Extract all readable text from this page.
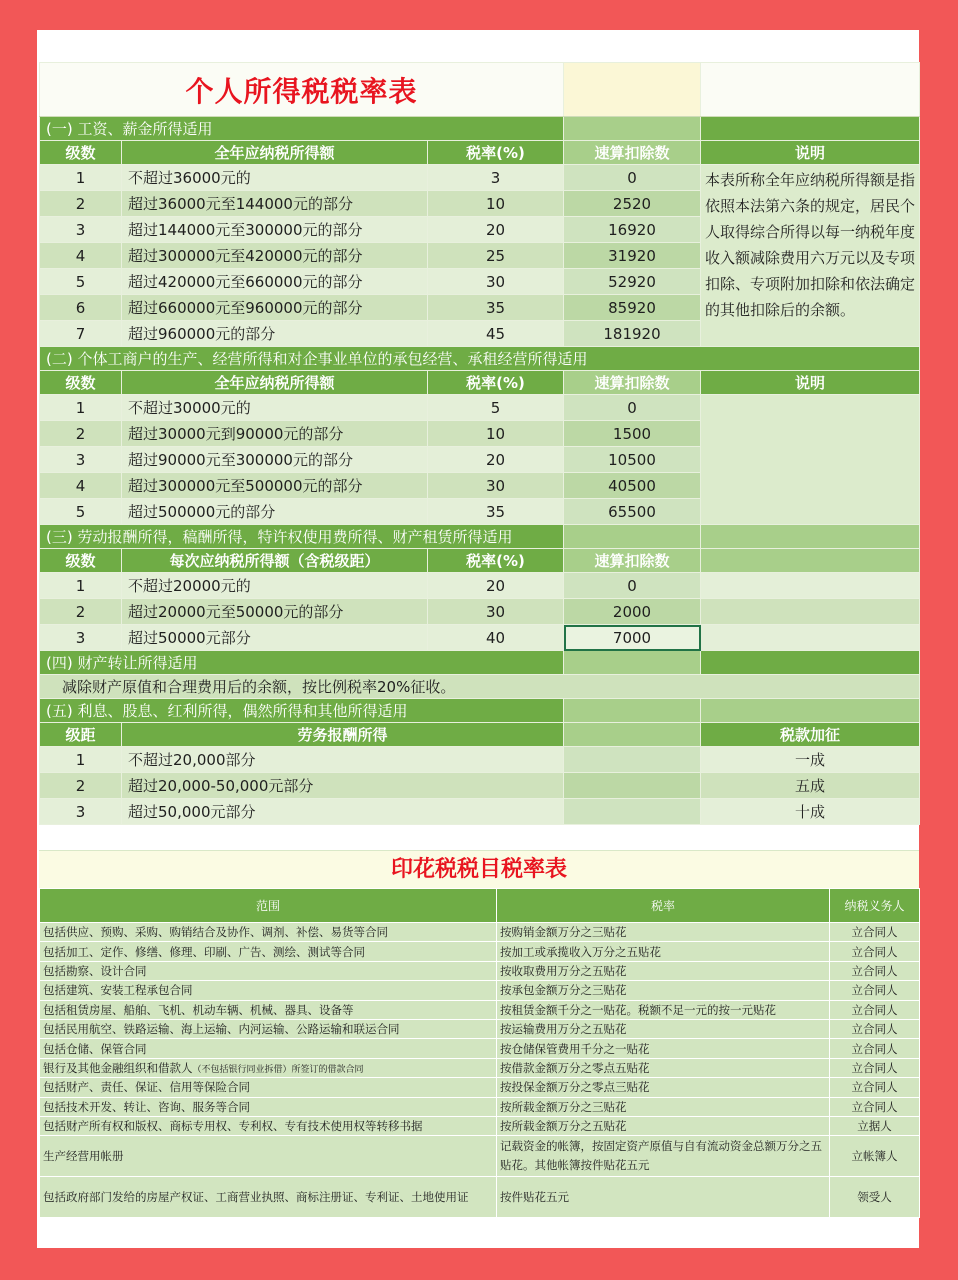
个人所得税税率表				
(一) 工资、薪金所得适用				
级数	全年应纳税所得额	税率(%)	速算扣除数	说明
1	不超过36000元的	3	0	本表所称全年应纳税所得额是指依照本法第六条的规定，居民个人取得综合所得以每一纳税年度收入额减除费用六万元以及专项扣除、专项附加扣除和依法确定的其他扣除后的余额。
2	超过36000元至144000元的部分	10	2520	
3	超过144000元至300000元的部分	20	16920	
4	超过300000元至420000元的部分	25	31920	
5	超过420000元至660000元的部分	30	52920	
6	超过660000元至960000元的部分	35	85920	
7	超过960000元的部分	45	181920	
(二) 个体工商户的生产、经营所得和对企事业单位的承包经营、承租经营所得适用				
级数	全年应纳税所得额	税率(%)	速算扣除数	说明
1	不超过30000元的	5	0	
2	超过30000元到90000元的部分	10	1500	
3	超过90000元至300000元的部分	20	10500	
4	超过300000元至500000元的部分	30	40500	
5	超过500000元的部分	35	65500	
(三) 劳动报酬所得，稿酬所得，特许权使用费所得、财产租赁所得适用				
级数	每次应纳税所得额（含税级距）	税率(%)	速算扣除数	
1	不超过20000元的	20	0	
2	超过20000元至50000元的部分	30	2000	
3	超过50000元部分	40	7000	
(四) 财产转让所得适用				
减除财产原值和合理费用后的余额，按比例税率20%征收。				
(五) 利息、股息、红利所得，偶然所得和其他所得适用				
级距	劳务报酬所得			税款加征
1	不超过20,000部分			一成
2	超过20,000-50,000元部分			五成
3	超过50,000元部分			十成
印花税税目税率表
范围	税率	纳税义务人
包括供应、预购、采购、购销结合及协作、调剂、补偿、易货等合同	按购销金额万分之三贴花	立合同人
包括加工、定作、修缮、修理、印刷、广告、测绘、测试等合同	按加工或承揽收入万分之五贴花	立合同人
包括勘察、设计合同	按收取费用万分之五贴花	立合同人
包括建筑、安装工程承包合同	按承包金额万分之三贴花	立合同人
包括租赁房屋、船舶、飞机、机动车辆、机械、器具、设备等	按租赁金额千分之一贴花。税额不足一元的按一元贴花	立合同人
包括民用航空、铁路运输、海上运输、内河运输、公路运输和联运合同	按运输费用万分之五贴花	立合同人
包括仓储、保管合同	按仓储保管费用千分之一贴花	立合同人
银行及其他金融组织和借款人（不包括银行同业拆借）所签订的借款合同	按借款金额万分之零点五贴花	立合同人
包括财产、责任、保证、信用等保险合同	按投保金额万分之零点三贴花	立合同人
包括技术开发、转让、咨询、服务等合同	按所载金额万分之三贴花	立合同人
包括财产所有权和版权、商标专用权、专利权、专有技术使用权等转移书据	按所载金额万分之五贴花	立据人
生产经营用帐册	记载资金的帐簿，按固定资产原值与自有流动资金总额万分之五贴花。其他帐簿按件贴花五元	立帐簿人
包括政府部门发给的房屋产权证、工商营业执照、商标注册证、专利证、土地使用证	按件贴花五元	领受人
